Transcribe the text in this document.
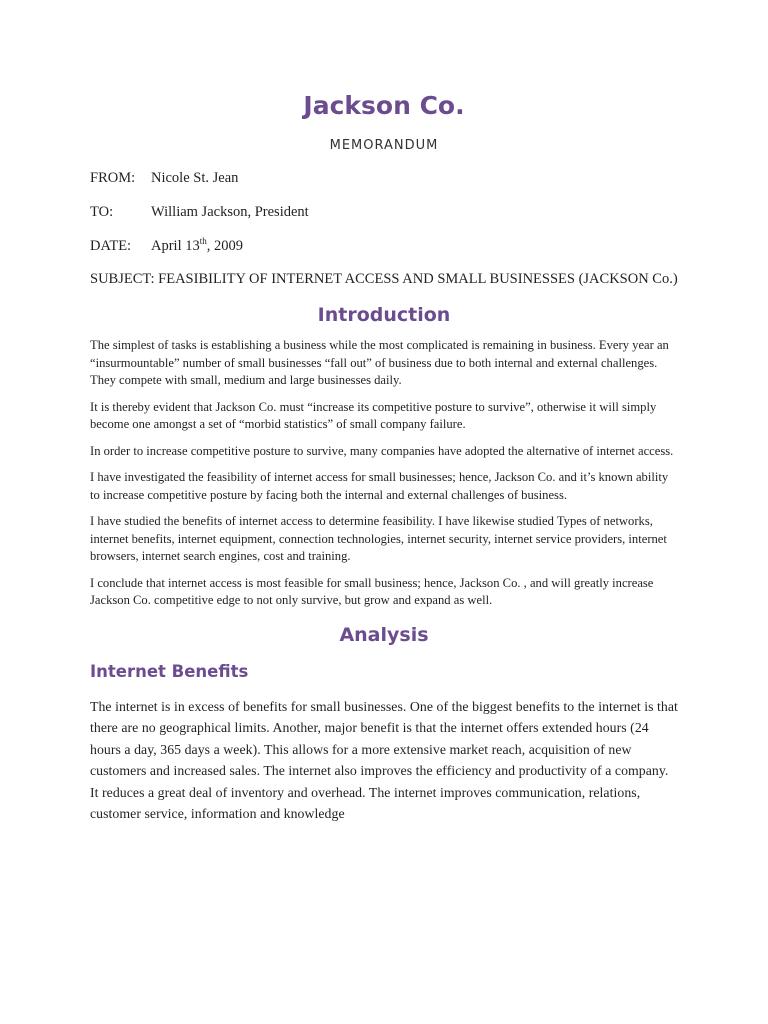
Jackson Co.
MEMORANDUM
FROM: Nicole St. Jean
TO:	William Jackson, President
DATE: April 13th, 2009
SUBJECT: FEASIBILITY OF INTERNET ACCESS AND SMALL BUSINESSES (JACKSON Co.)
Introduction

The simplest of tasks is establishing a business while the most complicated is remaining in business. Every year an “insurmountable” number of small businesses “fall out” of business due to both internal and external challenges. They compete with small, medium and large businesses daily.

It is thereby evident that Jackson Co. must “increase its competitive posture to survive”, otherwise it will simply become one amongst a set of “morbid statistics” of small company failure.

In order to increase competitive posture to survive, many companies have adopted the alternative of internet access.

I have investigated the feasibility of internet access for small businesses; hence, Jackson Co. and it’s known ability to increase competitive posture by facing both the internal and external challenges of business.

I have studied the benefits of internet access to determine feasibility. I have likewise studied Types of networks, internet benefits, internet equipment, connection technologies, internet security, internet service providers, internet browsers, internet search engines, cost and training.

I conclude that internet access is most feasible for small business; hence, Jackson Co. , and will greatly increase Jackson Co. competitive edge to not only survive, but grow and expand as well.

Analysis
Internet Benefits

The internet is in excess of benefits for small businesses. One of the biggest benefits to the internet is that there are no geographical limits. Another, major benefit is that the internet offers extended hours (24 hours a day, 365 days a week). This allows for a more extensive market reach, acquisition of new customers and increased sales. The internet also improves the efficiency and productivity of a company. It reduces a great deal of inventory and overhead. The internet improves communication, relations, customer service, information and knowledge
